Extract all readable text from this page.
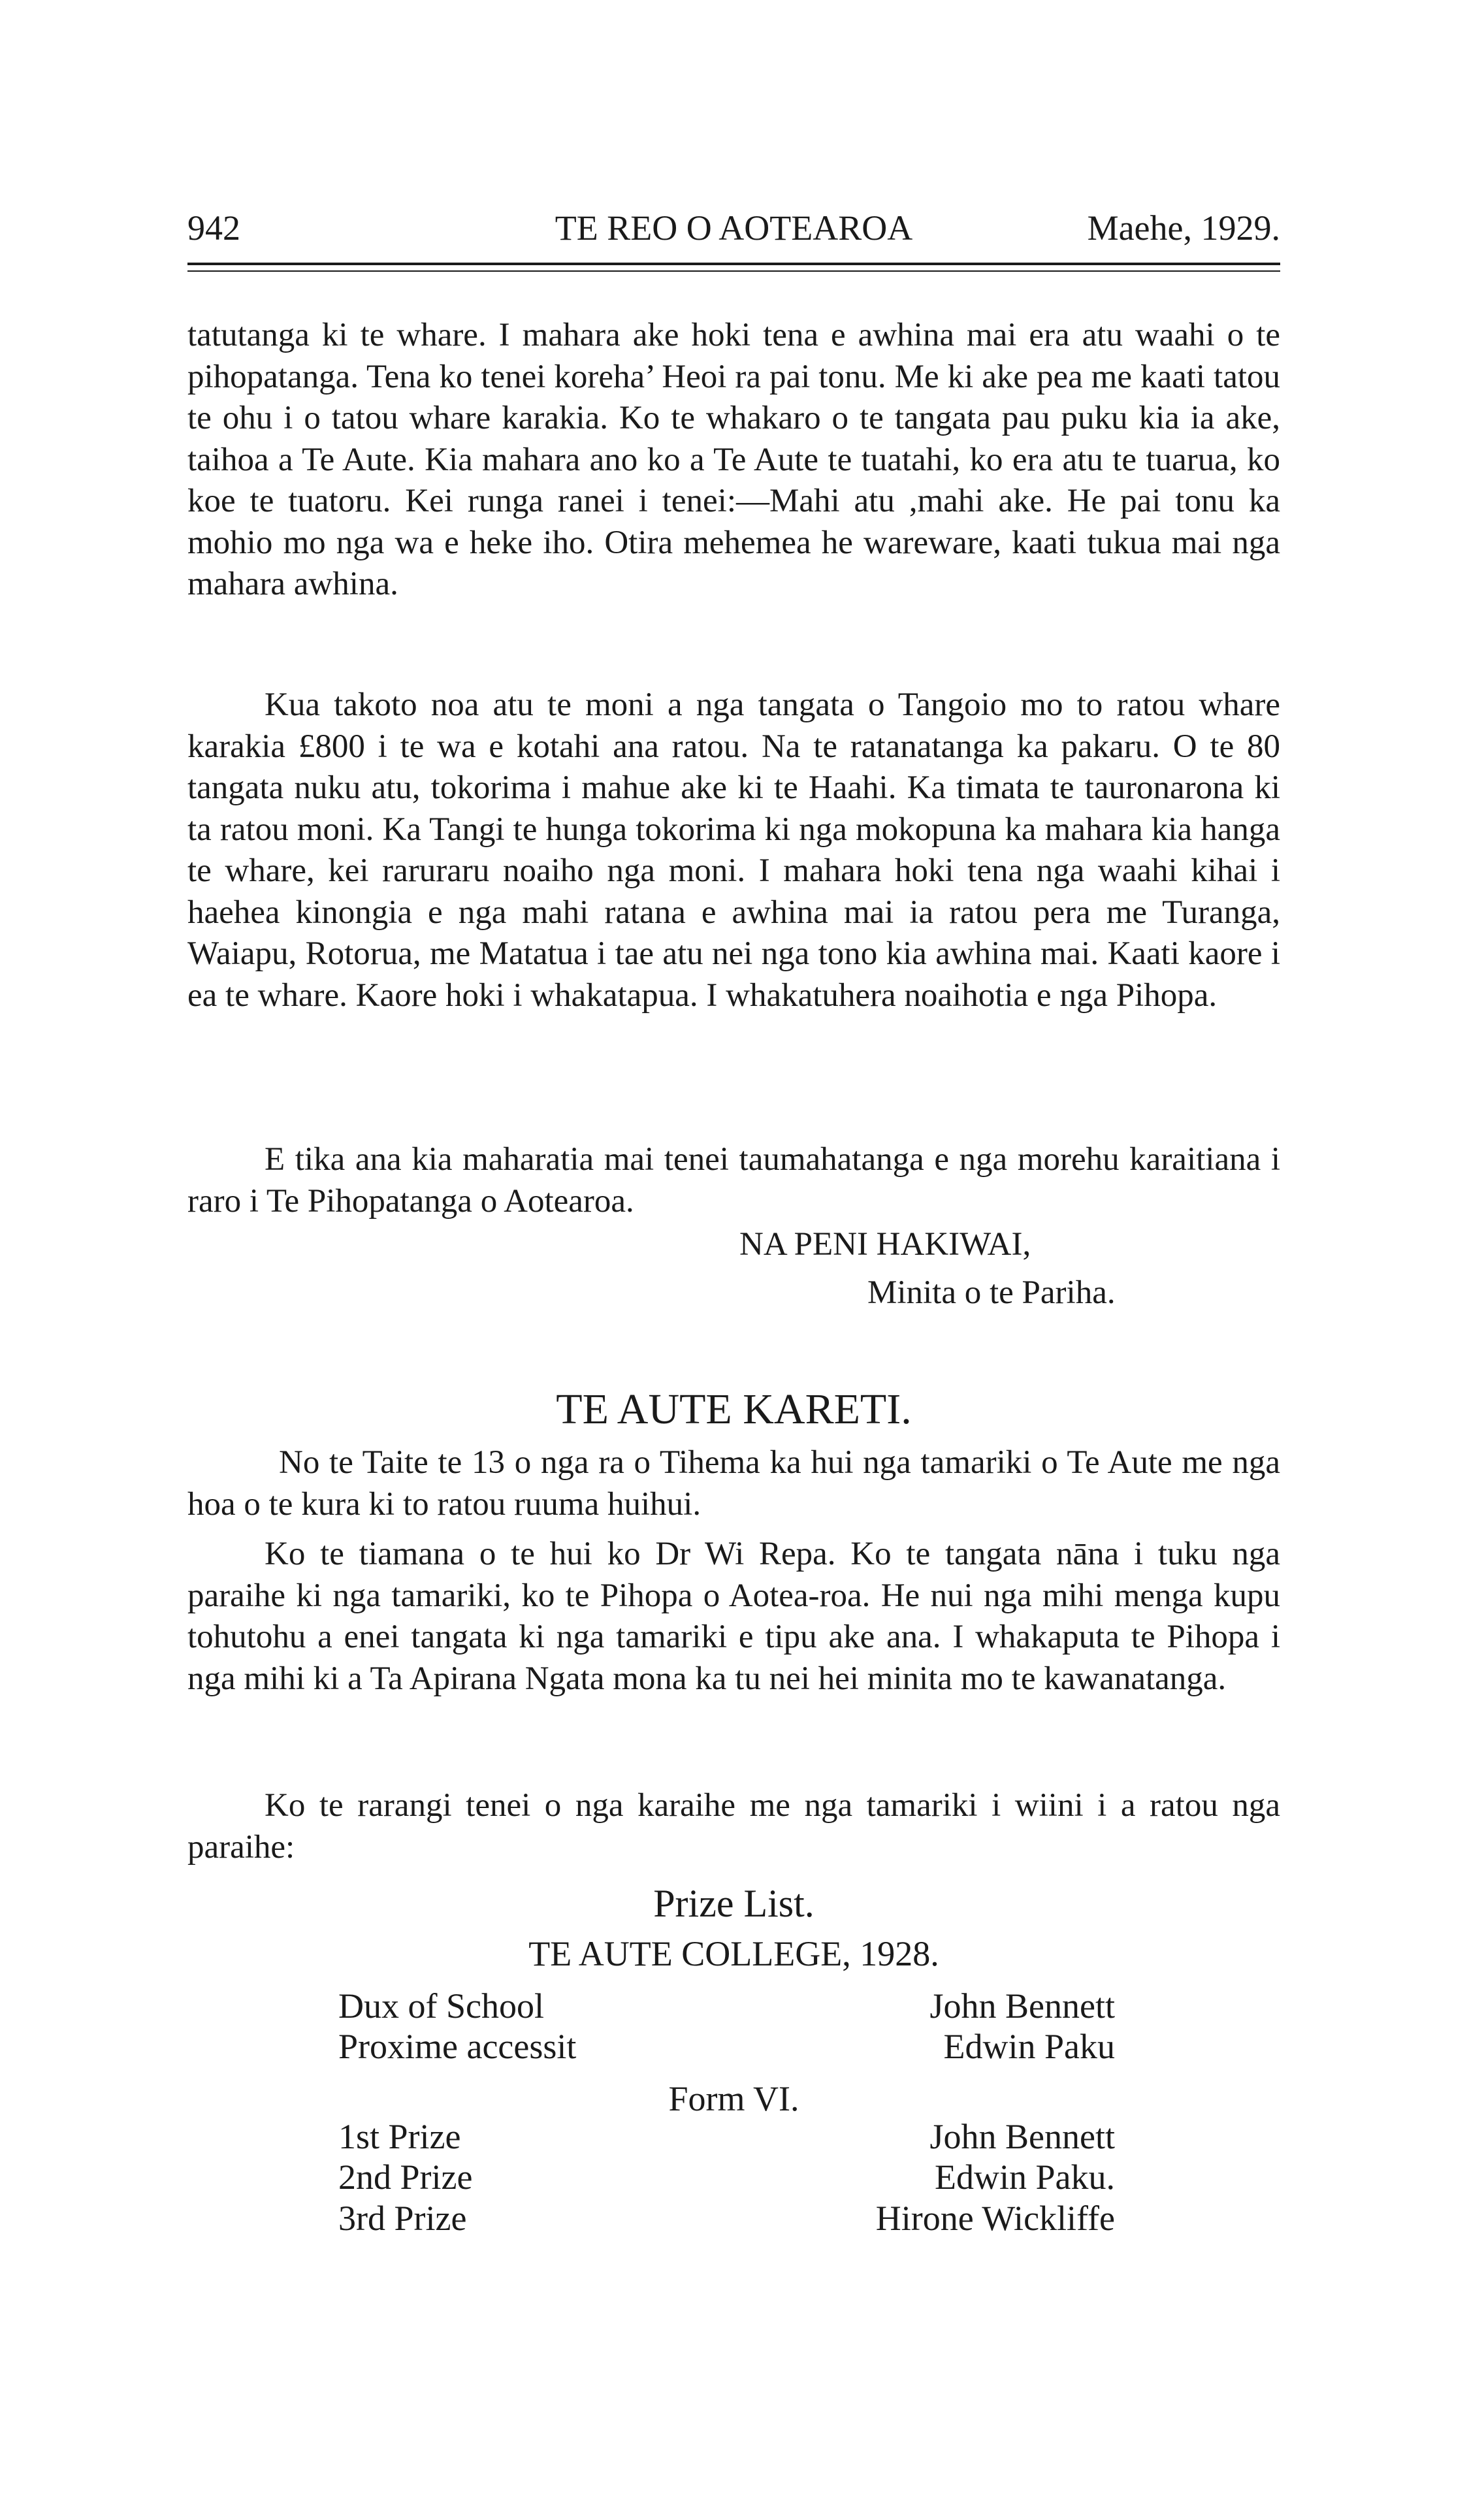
942	TE REO O AOTEAROA	Maehe, 1929.

tatutanga ki te whare. I mahara ake hoki tena e awhina mai era atu waahi o te pihopatanga. Tena ko tenei koreha’ Heoi ra pai tonu. Me ki ake pea me kaati tatou te ohu i o tatou whare karakia. Ko te whakaro o te tangata pau puku kia ia ake, taihoa a Te Aute. Kia mahara ano ko a Te Aute te tuatahi, ko era atu te tuarua, ko koe te tuatoru. Kei runga ranei i tenei:—Mahi atu ,mahi ake. He pai tonu ka mohio mo nga wa e heke iho. Otira mehemea he wareware, kaati tukua mai nga mahara awhina.

Kua takoto noa atu te moni a nga tangata o Tangoio mo to ratou whare karakia £800 i te wa e kotahi ana ratou. Na te ratanatanga ka pakaru. O te 80 tangata nuku atu, tokorima i mahue ake ki te Haahi. Ka timata te tauronarona ki ta ratou moni. Ka Tangi te hunga tokorima ki nga mokopuna ka mahara kia hanga te whare, kei raruraru noaiho nga moni. I mahara hoki tena nga waahi kihai i haehea kinongia e nga mahi ratana e awhina mai ia ratou pera me Turanga, Waiapu, Rotorua, me Matatua i tae atu nei nga tono kia awhina mai. Kaati kaore i ea te whare. Kaore hoki i whakatapua. I whakatuhera noaihotia e nga Pihopa.

E tika ana kia maharatia mai tenei taumahatanga e nga morehu karaitiana i raro i Te Pihopatanga o Aotearoa.

NA PENI HAKIWAI,
Minita o te Pariha.
TE AUTE KARETI.

No te Taite te 13 o nga ra o Tihema ka hui nga tamariki o Te Aute me nga hoa o te kura ki to ratou ruuma huihui.

Ko te tiamana o te hui ko Dr Wi Repa. Ko te tangata nāna i tuku nga paraihe ki nga tamariki, ko te Pihopa o Aotea-roa. He nui nga mihi menga kupu tohutohu a enei tangata ki nga tamariki e tipu ake ana. I whakaputa te Pihopa i nga mihi ki a Ta Apirana Ngata mona ka tu nei hei minita mo te kawanatanga.

Ko te rarangi tenei o nga karaihe me nga tamariki i wiini i a ratou nga paraihe:

Prize List.
TE AUTE COLLEGE, 1928.
Dux of School	John Bennett
Proxime accessit	Edwin Paku
Form VI.
1st Prize	John Bennett
2nd Prize	Edwin Paku.
3rd Prize	Hirone Wickliffe
